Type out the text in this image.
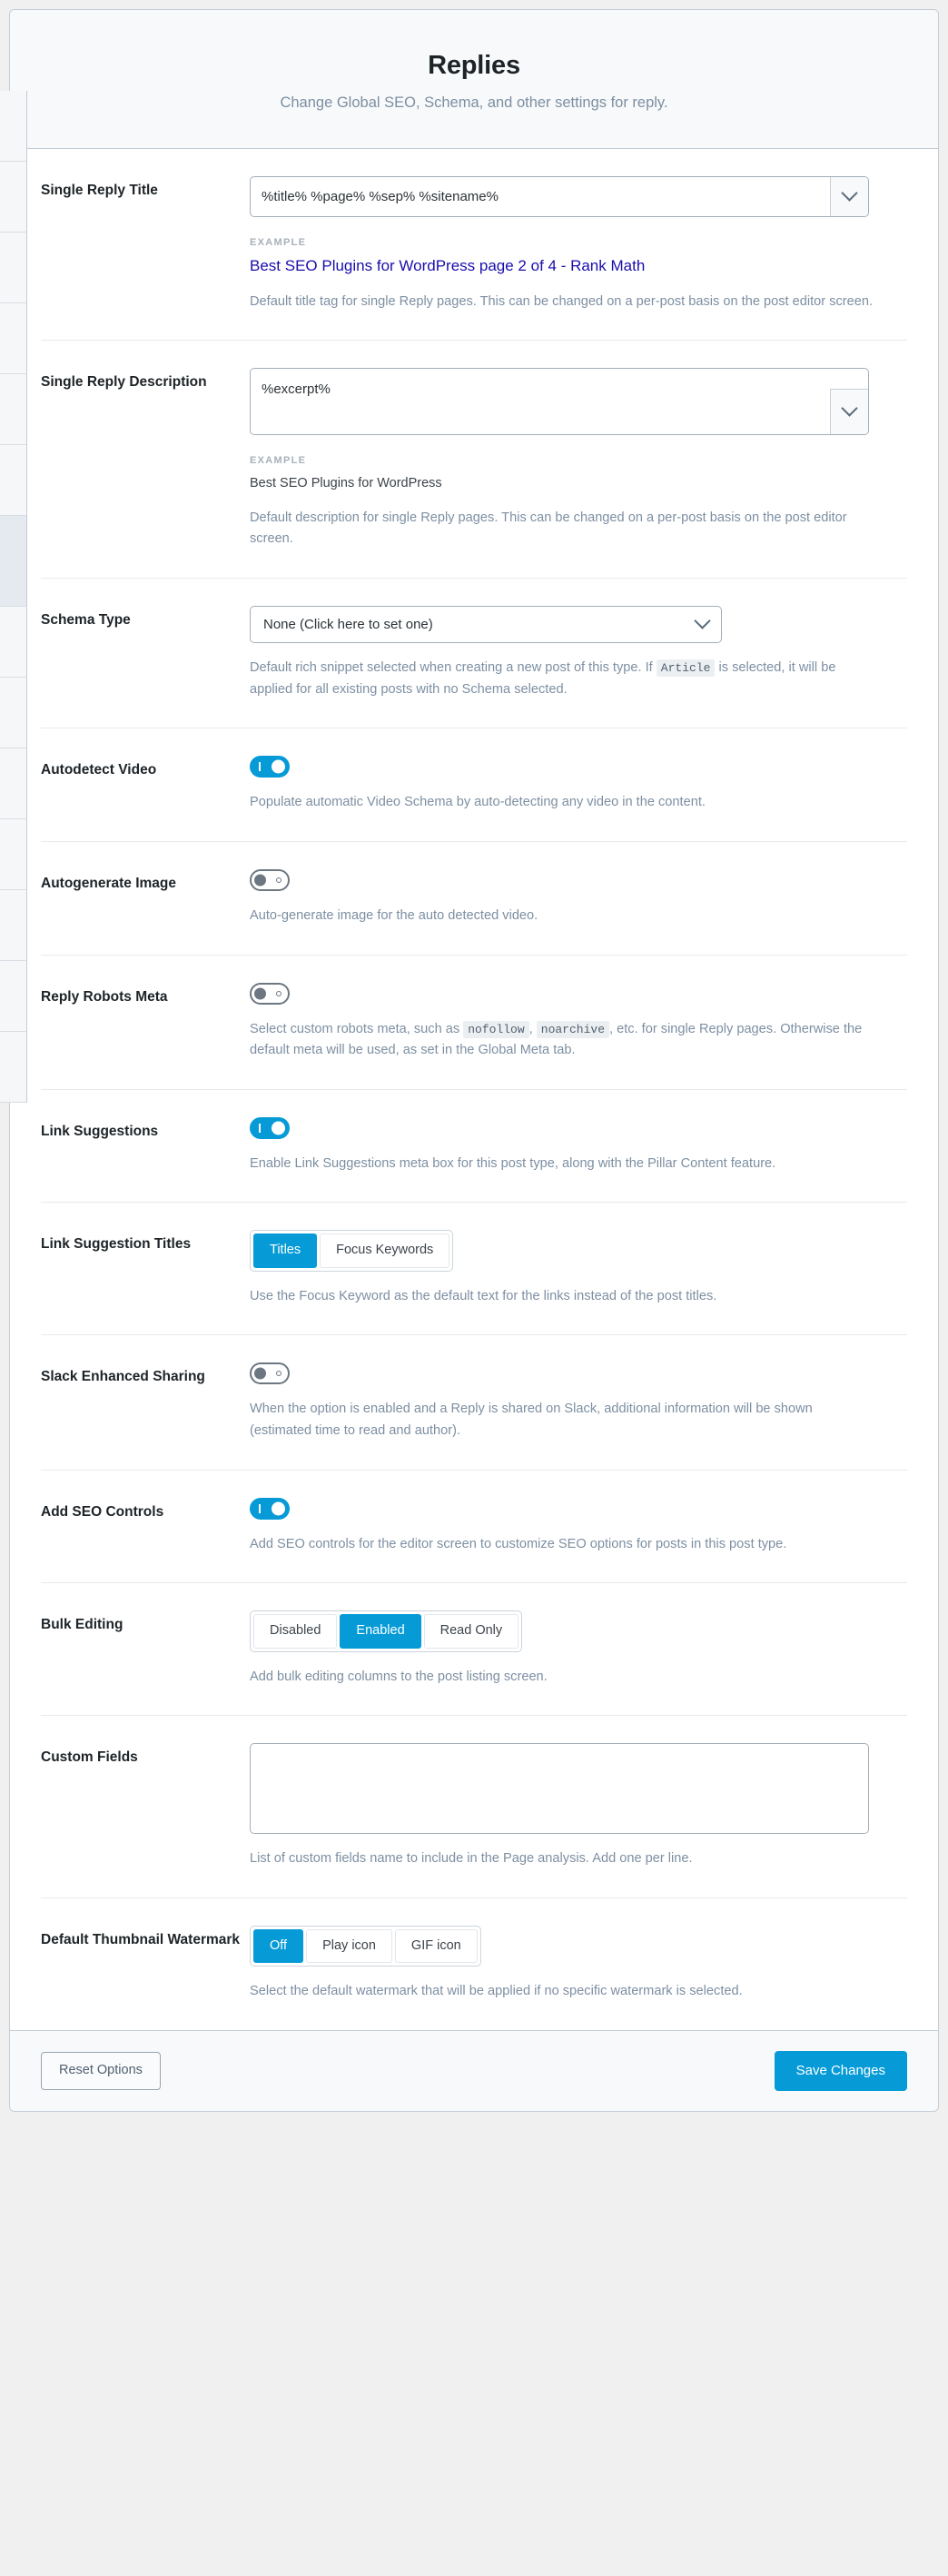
Replies
Change Global SEO, Schema, and other settings for reply.
Single Reply Title	%title% %page% %sep% %sitename%
EXAMPLE
Best SEO Plugins for WordPress page 2 of 4 - Rank Math
Default title tag for single Reply pages. This can be changed on a per-post basis on the post editor screen.
Single Reply Description	%excerpt%
EXAMPLE
Best SEO Plugins for WordPress
Default description for single Reply pages. This can be changed on a per-post basis on the post editor screen.
Schema Type	None (Click here to set one)
Default rich snippet selected when creating a new post of this type. If Article is selected, it will be applied for all existing posts with no Schema selected.
Autodetect Video
Populate automatic Video Schema by auto-detecting any video in the content.
Autogenerate Image
Auto-generate image for the auto detected video.
Reply Robots Meta
Select custom robots meta, such as nofollow , noarchive , etc. for single Reply pages. Otherwise the default meta will be used, as set in the Global Meta tab.
Link Suggestions
Enable Link Suggestions meta box for this post type, along with the Pillar Content feature.
Link Suggestion Titles	Titles	Focus Keywords
Use the Focus Keyword as the default text for the links instead of the post titles.
Slack Enhanced Sharing
When the option is enabled and a Reply is shared on Slack, additional information will be shown (estimated time to read and author).
Add SEO Controls
Add SEO controls for the editor screen to customize SEO options for posts in this post type.
Bulk Editing	Disabled	Enabled	Read Only
Add bulk editing columns to the post listing screen.
Custom Fields
List of custom fields name to include in the Page analysis. Add one per line.
Default Thumbnail Watermark	Off	Play icon	GIF icon
Select the default watermark that will be applied if no specific watermark is selected.
Reset Options	Save Changes
